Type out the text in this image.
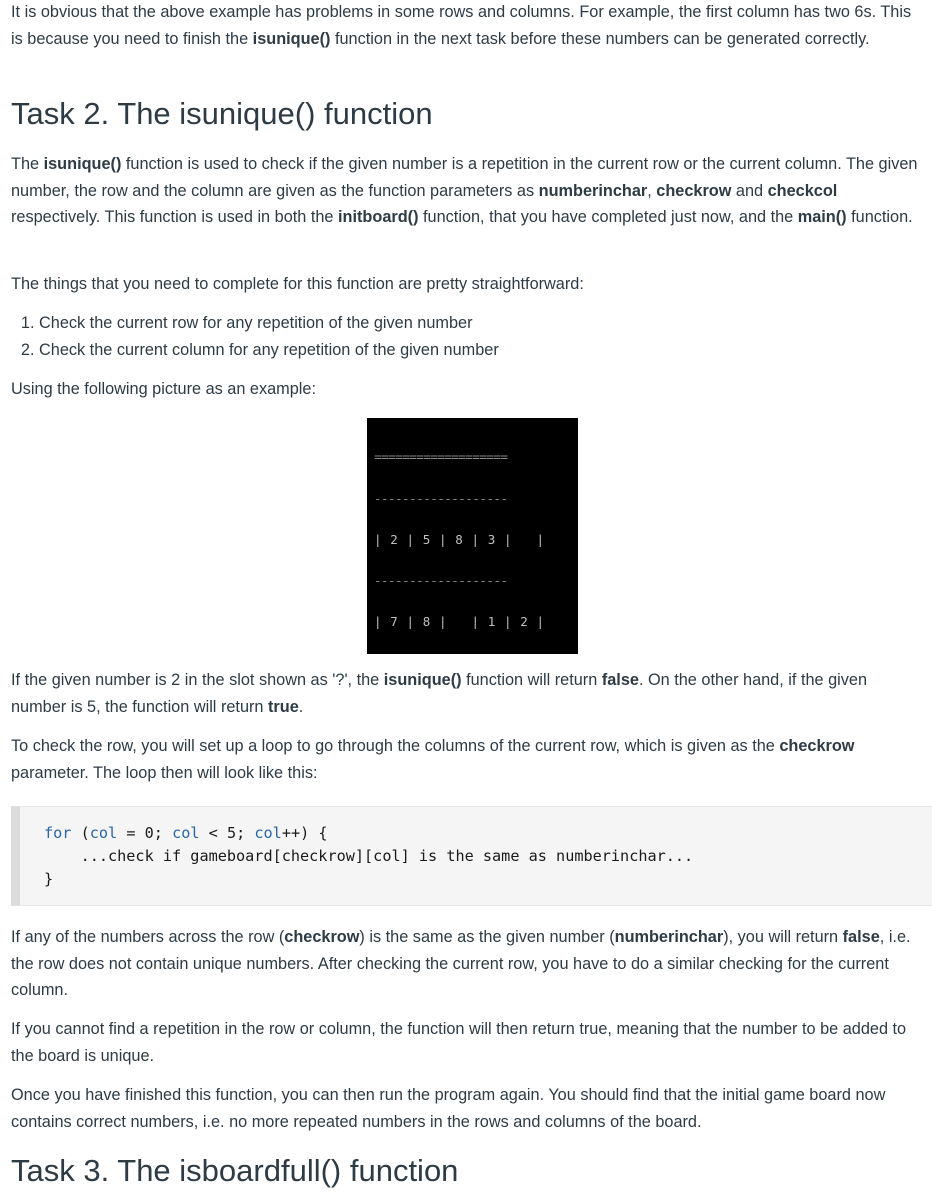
It is obvious that the above example has problems in some rows and columns. For example, the first column has two 6s. This is because you need to finish the isunique() function in the next task before these numbers can be generated correctly.

Task 2. The isunique() function

The isunique() function is used to check if the given number is a repetition in the current row or the current column. The given number, the row and the column are given as the function parameters as numberinchar, checkrow and checkcol respectively. This function is used in both the initboard() function, that you have completed just now, and the main() function.

The things that you need to complete for this function are pretty straightforward:

1. Check the current row for any repetition of the given number
2. Check the current column for any repetition of the given number

Using the following picture as an example:

===================

-------------------

| 2 | 5 | 8 | 3 |   |

-------------------

| 7 | 8 |   | 1 | 2 |

If the given number is 2 in the slot shown as '?', the isunique() function will return false. On the other hand, if the given number is 5, the function will return true.

To check the row, you will set up a loop to go through the columns of the current row, which is given as the checkrow parameter. The loop then will look like this:

for (col = 0; col < 5; col++) {
...check if gameboard[checkrow][col] is the same as numberinchar...
}

If any of the numbers across the row (checkrow) is the same as the given number (numberinchar), you will return false, i.e. the row does not contain unique numbers. After checking the current row, you have to do a similar checking for the current column.

If you cannot find a repetition in the row or column, the function will then return true, meaning that the number to be added to the board is unique.

Once you have finished this function, you can then run the program again. You should find that the initial game board now contains correct numbers, i.e. no more repeated numbers in the rows and columns of the board.

Task 3. The isboardfull() function
